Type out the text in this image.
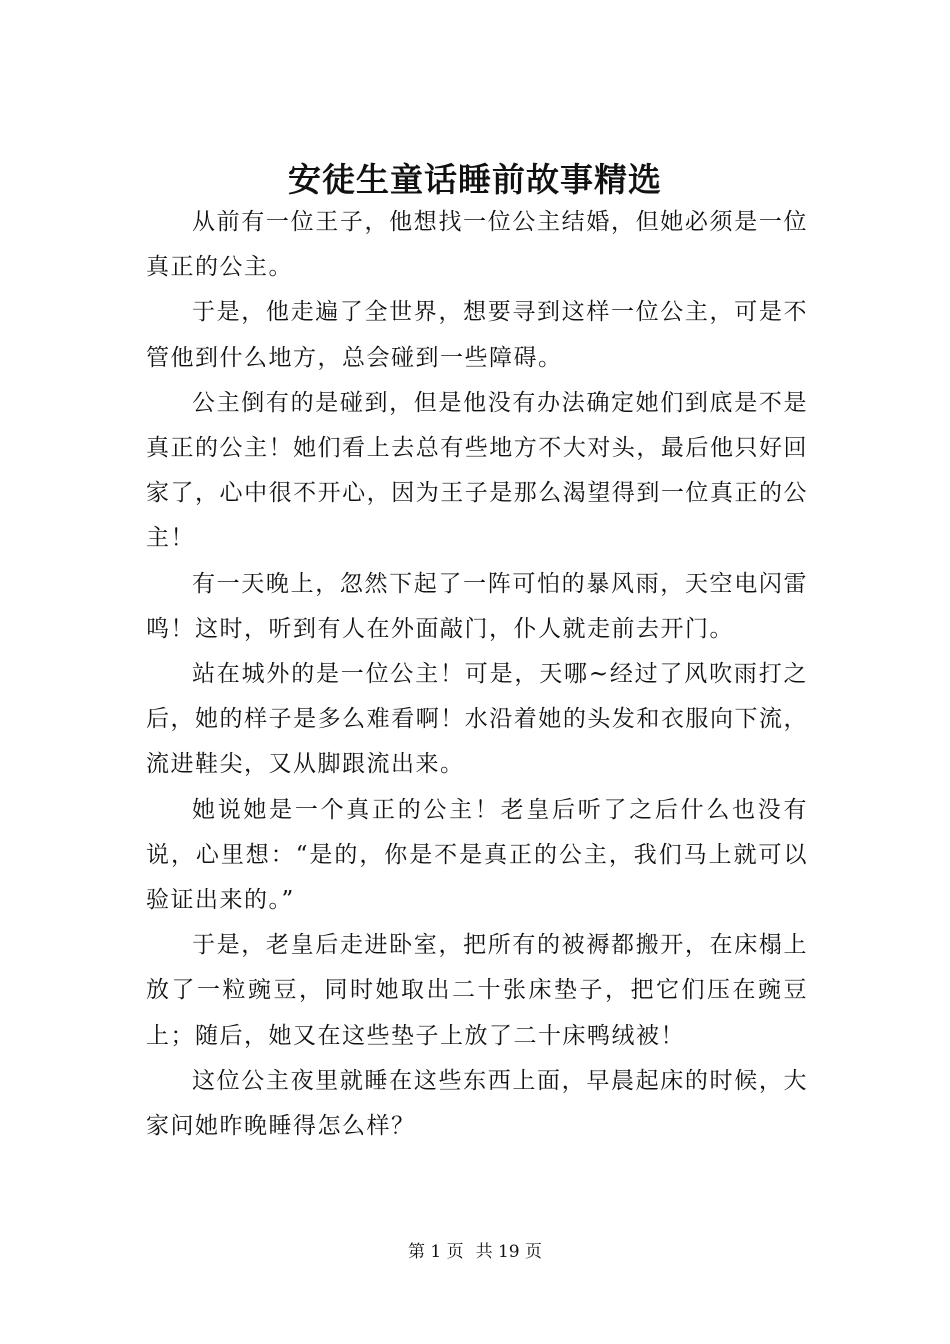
安徒生童话睡前故事精选

从前有一位王子，他想找一位公主结婚，但她必须是一位真正的公主。

于是，他走遍了全世界，想要寻到这样一位公主，可是不管他到什么地方，总会碰到一些障碍。

公主倒有的是碰到，但是他没有办法确定她们到底是不是真正的公主！她们看上去总有些地方不大对头，最后他只好回家了，心中很不开心，因为王子是那么渴望得到一位真正的公主！

有一天晚上，忽然下起了一阵可怕的暴风雨，天空电闪雷鸣！这时，听到有人在外面敲门，仆人就走前去开门。

站在城外的是一位公主！可是，天哪~经过了风吹雨打之后，她的样子是多么难看啊！水沿着她的头发和衣服向下流，流进鞋尖，又从脚跟流出来。

她说她是一个真正的公主！老皇后听了之后什么也没有说，心里想：“是的，你是不是真正的公主，我们马上就可以验证出来的。”

于是，老皇后走进卧室，把所有的被褥都搬开，在床榻上放了一粒豌豆，同时她取出二十张床垫子，把它们压在豌豆上；随后，她又在这些垫子上放了二十床鸭绒被！

这位公主夜里就睡在这些东西上面，早晨起床的时候，大家问她昨晚睡得怎么样？

第 1 页 共 19 页
